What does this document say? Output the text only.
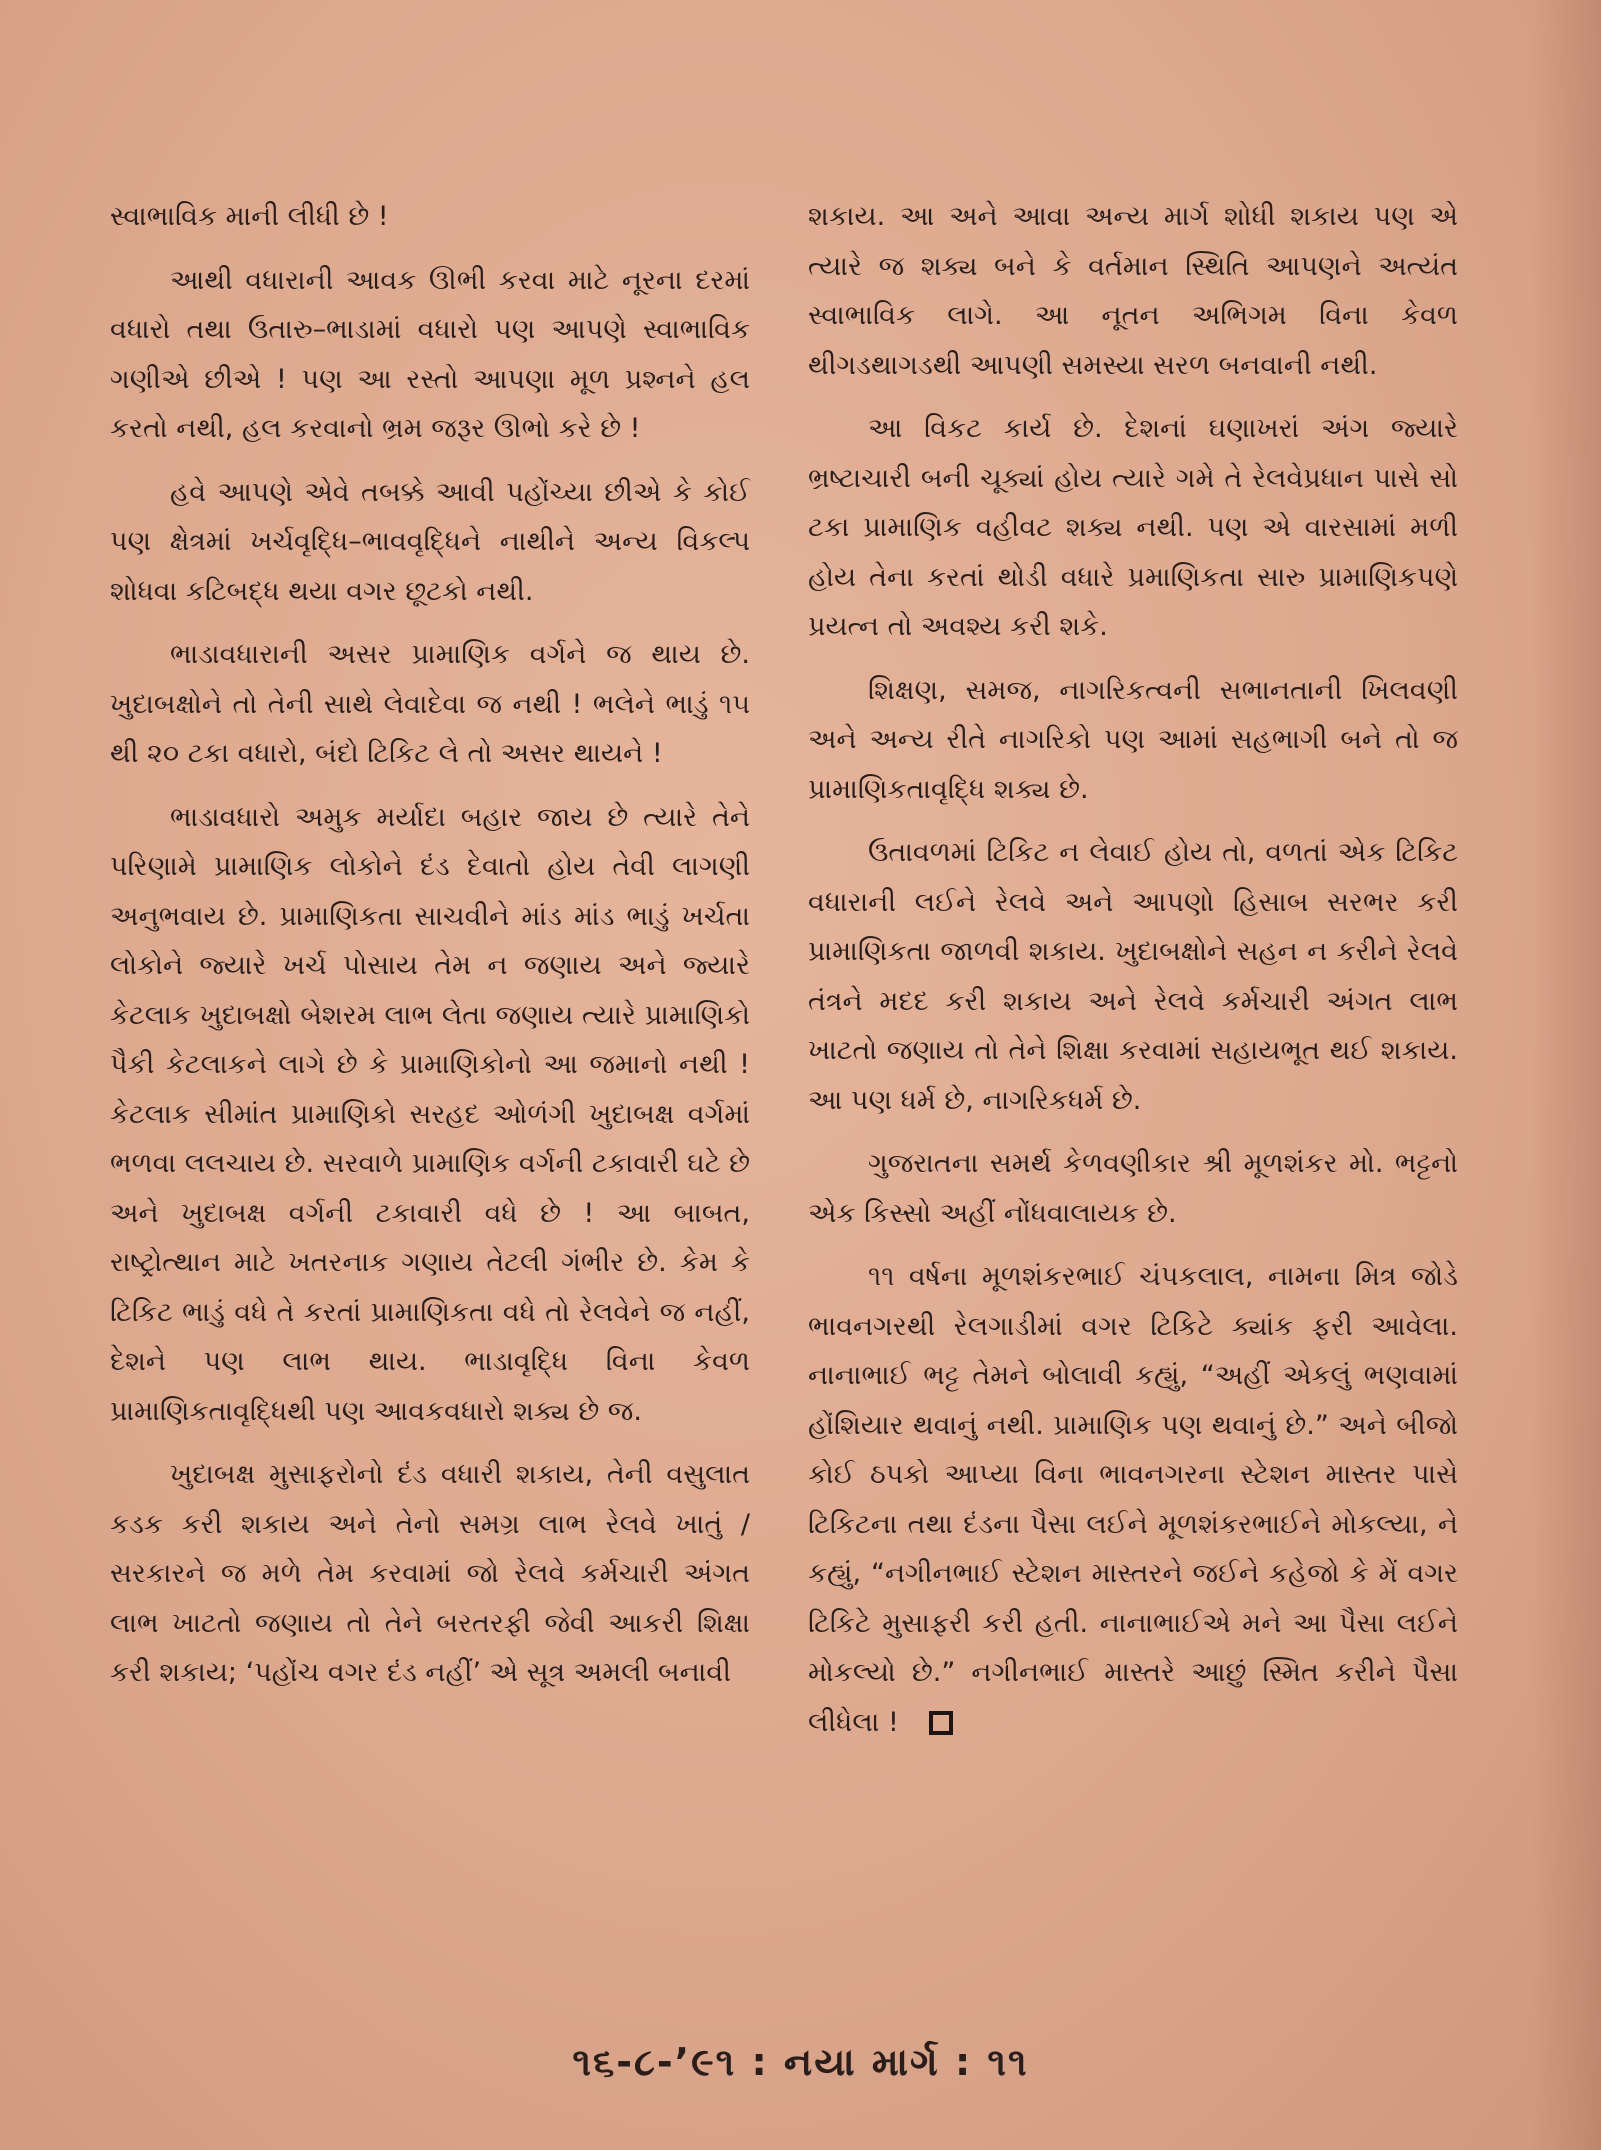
સ્વાભાવિક માની લીધી છે !

આથી વધારાની આવક ઊભી કરવા માટે નૂરના દરમાં વધારો તથા ઉતારુ–ભાડામાં વધારો પણ આપણે સ્વાભાવિક ગણીએ છીએ ! પણ આ રસ્તો આપણા મૂળ પ્રશ્નને હલ કરતો નથી, હલ કરવાનો ભ્રમ જરૂર ઊભો કરે છે !

હવે આપણે એવે તબક્કે આવી પહોંચ્યા છીએ કે કોઈ પણ ક્ષેત્રમાં ખર્ચવૃદ્ધિ–ભાવવૃદ્ધિને નાથીને અન્ય વિકલ્પ શોધવા કટિબદ્ધ થયા વગર છૂટકો નથી.

ભાડાવધારાની અસર પ્રામાણિક વર્ગને જ થાય છે. ખુદાબક્ષોને તો તેની સાથે લેવાદેવા જ નથી ! ભલેને ભાડું ૧૫ થી ૨૦ ટકા વધારો, બંદો ટિકિટ લે તો અસર થાયને !

ભાડાવધારો અમુક મર્યાદા બહાર જાય છે ત્યારે તેને પરિણામે પ્રામાણિક લોકોને દંડ દેવાતો હોય તેવી લાગણી અનુભવાય છે. પ્રામાણિકતા સાચવીને માંડ માંડ ભાડું ખર્ચતા લોકોને જ્યારે ખર્ચ પોસાય તેમ ન જણાય અને જ્યારે કેટલાક ખુદાબક્ષો બેશરમ લાભ લેતા જણાય ત્યારે પ્રામાણિકો પૈકી કેટલાકને લાગે છે કે પ્રામાણિકોનો આ જમાનો નથી ! કેટલાક સીમાંત પ્રામાણિકો સરહદ ઓળંગી ખુદાબક્ષ વર્ગમાં ભળવા લલચાય છે. સરવાળે પ્રામાણિક વર્ગની ટકાવારી ઘટે છે અને ખુદાબક્ષ વર્ગની ટકાવારી વધે છે ! આ બાબત, રાષ્ટ્રોત્થાન માટે ખતરનાક ગણાય તેટલી ગંભીર છે. કેમ કે ટિકિટ ભાડું વધે તે કરતાં પ્રામાણિકતા વધે તો રેલવેને જ નહીં, દેશને પણ લાભ થાય. ભાડાવૃદ્ધિ વિના કેવળ પ્રામાણિકતાવૃદ્ધિથી પણ આવકવધારો શક્ય છે જ.

ખુદાબક્ષ મુસાફરોનો દંડ વધારી શકાય, તેની વસુલાત કડક કરી શકાય અને તેનો સમગ્ર લાભ રેલવે ખાતું / સરકારને જ મળે તેમ કરવામાં જો રેલવે કર્મચારી અંગત લાભ ખાટતો જણાય તો તેને બરતરફી જેવી આકરી શિક્ષા કરી શકાય; ‘પહોંચ વગર દંડ નહીં’ એ સૂત્ર અમલી બનાવી

શકાય. આ અને આવા અન્ય માર્ગ શોધી શકાય પણ એ ત્યારે જ શક્ય બને કે વર્તમાન સ્થિતિ આપણને અત્યંત સ્વાભાવિક લાગે. આ નૂતન અભિગમ વિના કેવળ થીગડથાગડથી આપણી સમસ્યા સરળ બનવાની નથી.

આ વિકટ કાર્ય છે. દેશનાં ઘણાખરાં અંગ જ્યારે ભ્રષ્ટાચારી બની ચૂક્યાં હોય ત્યારે ગમે તે રેલવેપ્રધાન પાસે સો ટકા પ્રામાણિક વહીવટ શક્ય નથી. પણ એ વારસામાં મળી હોય તેના કરતાં થોડી વધારે પ્રમાણિકતા સારુ પ્રામાણિકપણે પ્રયત્ન તો અવશ્ય કરી શકે.

શિક્ષણ, સમજ, નાગરિકત્વની સભાનતાની ખિલવણી અને અન્ય રીતે નાગરિકો પણ આમાં સહભાગી બને તો જ પ્રામાણિકતાવૃદ્ધિ શક્ય છે.

ઉતાવળમાં ટિકિટ ન લેવાઈ હોય તો, વળતાં એક ટિકિટ વધારાની લઈને રેલવે અને આપણો હિસાબ સરભર કરી પ્રામાણિકતા જાળવી શકાય. ખુદાબક્ષોને સહન ન કરીને રેલવે તંત્રને મદદ કરી શકાય અને રેલવે કર્મચારી અંગત લાભ ખાટતો જણાય તો તેને શિક્ષા કરવામાં સહાયભૂત થઈ શકાય. આ પણ ધર્મ છે, નાગરિકધર્મ છે.

ગુજરાતના સમર્થ કેળવણીકાર શ્રી મૂળશંકર મો. ભટ્ટનો એક કિસ્સો અહીં નોંધવાલાયક છે.

૧૧ વર્ષના મૂળશંકરભાઈ ચંપકલાલ, નામના મિત્ર જોડે ભાવનગરથી રેલગાડીમાં વગર ટિકિટે ક્યાંક ફરી આવેલા. નાનાભાઈ ભટ્ટ તેમને બોલાવી કહ્યું, “અહીં એકલું ભણવામાં હોંશિયાર થવાનું નથી. પ્રામાણિક પણ થવાનું છે.” અને બીજો કોઈ ઠપકો આપ્યા વિના ભાવનગરના સ્ટેશન માસ્તર પાસે ટિકિટના તથા દંડના પૈસા લઈને મૂળશંકરભાઈને મોકલ્યા, ને કહ્યું, “નગીનભાઈ સ્ટેશન માસ્તરને જઈને કહેજો કે મેં વગર ટિકિટે મુસાફરી કરી હતી. નાનાભાઈએ મને આ પૈસા લઈને મોકલ્યો છે.” નગીનભાઈ માસ્તરે આછું સ્મિત કરીને પૈસા લીધેલા !

૧૬-૮-’૯૧ : નયા માર્ગ : ૧૧
